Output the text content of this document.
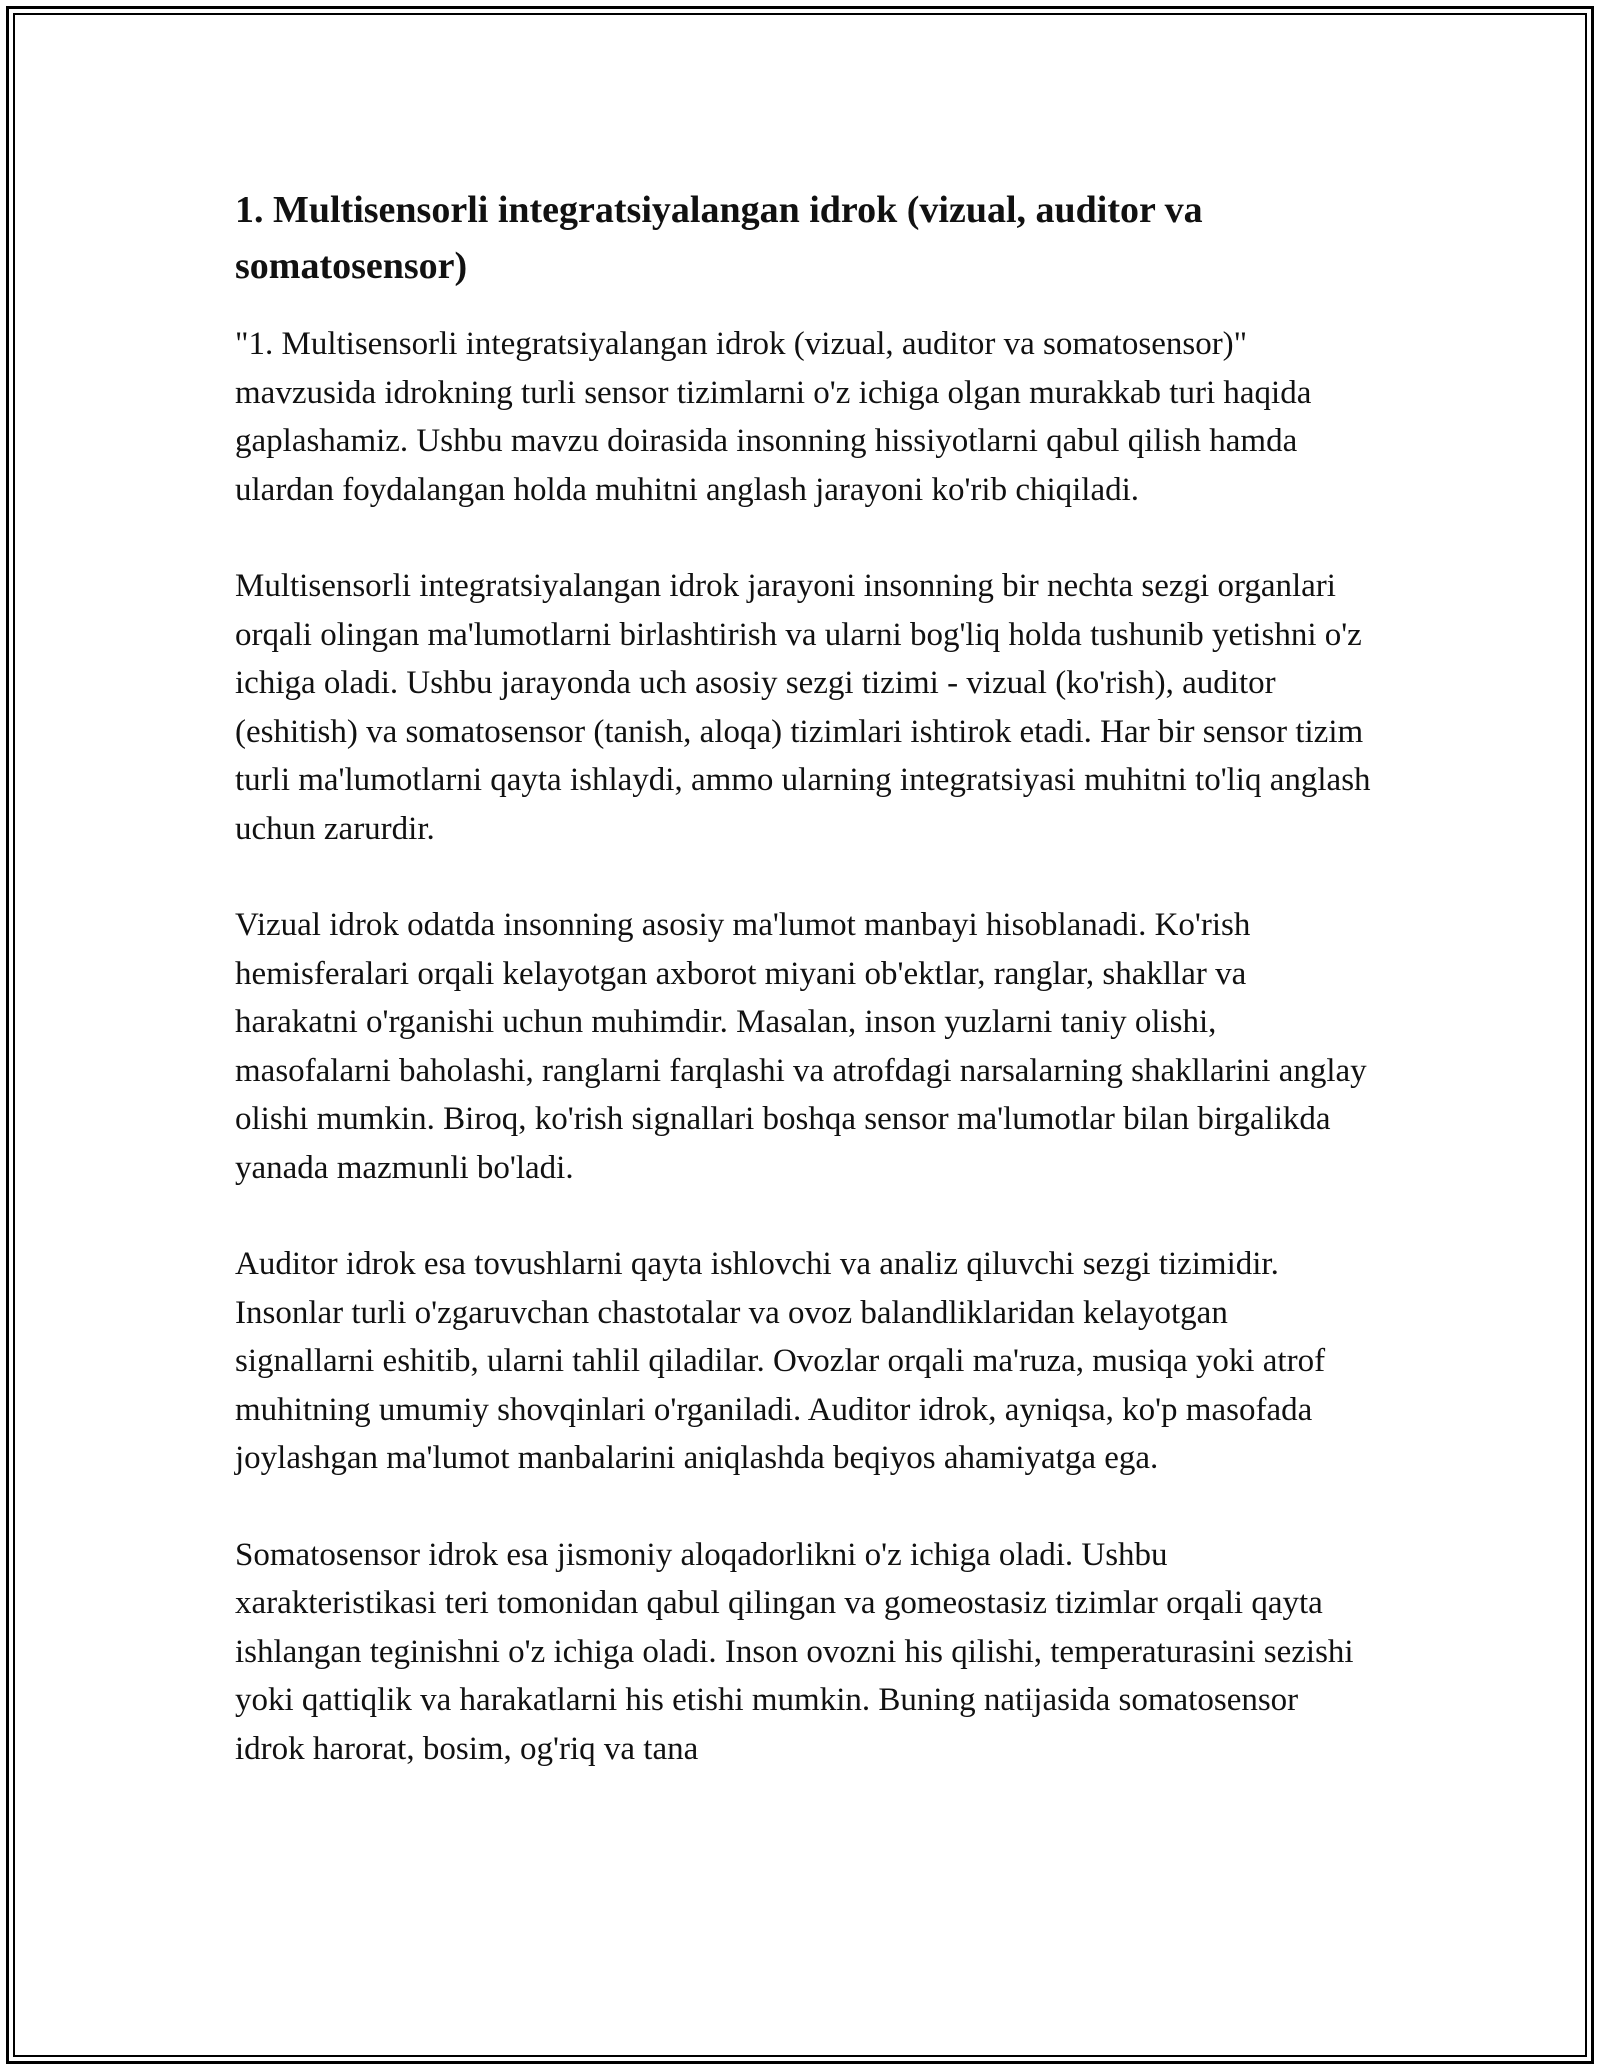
1. Multisensorli integratsiyalangan idrok (vizual, auditor va somatosensor)

"1. Multisensorli integratsiyalangan idrok (vizual, auditor va somatosensor)" mavzusida idrokning turli sensor tizimlarni o'z ichiga olgan murakkab turi haqida gaplashamiz. Ushbu mavzu doirasida insonning hissiyotlarni qabul qilish hamda ulardan foydalangan holda muhitni anglash jarayoni ko'rib chiqiladi.

Multisensorli integratsiyalangan idrok jarayoni insonning bir nechta sezgi organlari orqali olingan ma'lumotlarni birlashtirish va ularni bog'liq holda tushunib yetishni o'z ichiga oladi. Ushbu jarayonda uch asosiy sezgi tizimi - vizual (ko'rish), auditor (eshitish) va somatosensor (tanish, aloqa) tizimlari ishtirok etadi. Har bir sensor tizim turli ma'lumotlarni qayta ishlaydi, ammo ularning integratsiyasi muhitni to'liq anglash uchun zarurdir.

Vizual idrok odatda insonning asosiy ma'lumot manbayi hisoblanadi. Ko'rish hemisferalari orqali kelayotgan axborot miyani ob'ektlar, ranglar, shakllar va harakatni o'rganishi uchun muhimdir. Masalan, inson yuzlarni taniy olishi, masofalarni baholashi, ranglarni farqlashi va atrofdagi narsalarning shakllarini anglay olishi mumkin. Biroq, ko'rish signallari boshqa sensor ma'lumotlar bilan birgalikda yanada mazmunli bo'ladi.

Auditor idrok esa tovushlarni qayta ishlovchi va analiz qiluvchi sezgi tizimidir. Insonlar turli o'zgaruvchan chastotalar va ovoz balandliklaridan kelayotgan signallarni eshitib, ularni tahlil qiladilar. Ovozlar orqali ma'ruza, musiqa yoki atrof muhitning umumiy shovqinlari o'rganiladi. Auditor idrok, ayniqsa, ko'p masofada joylashgan ma'lumot manbalarini aniqlashda beqiyos ahamiyatga ega.

Somatosensor idrok esa jismoniy aloqadorlikni o'z ichiga oladi. Ushbu xarakteristikasi teri tomonidan qabul qilingan va gomeostasiz tizimlar orqali qayta ishlangan teginishni o'z ichiga oladi. Inson ovozni his qilishi, temperaturasini sezishi yoki qattiqlik va harakatlarni his etishi mumkin. Buning natijasida somatosensor idrok harorat, bosim, og'riq va tana
